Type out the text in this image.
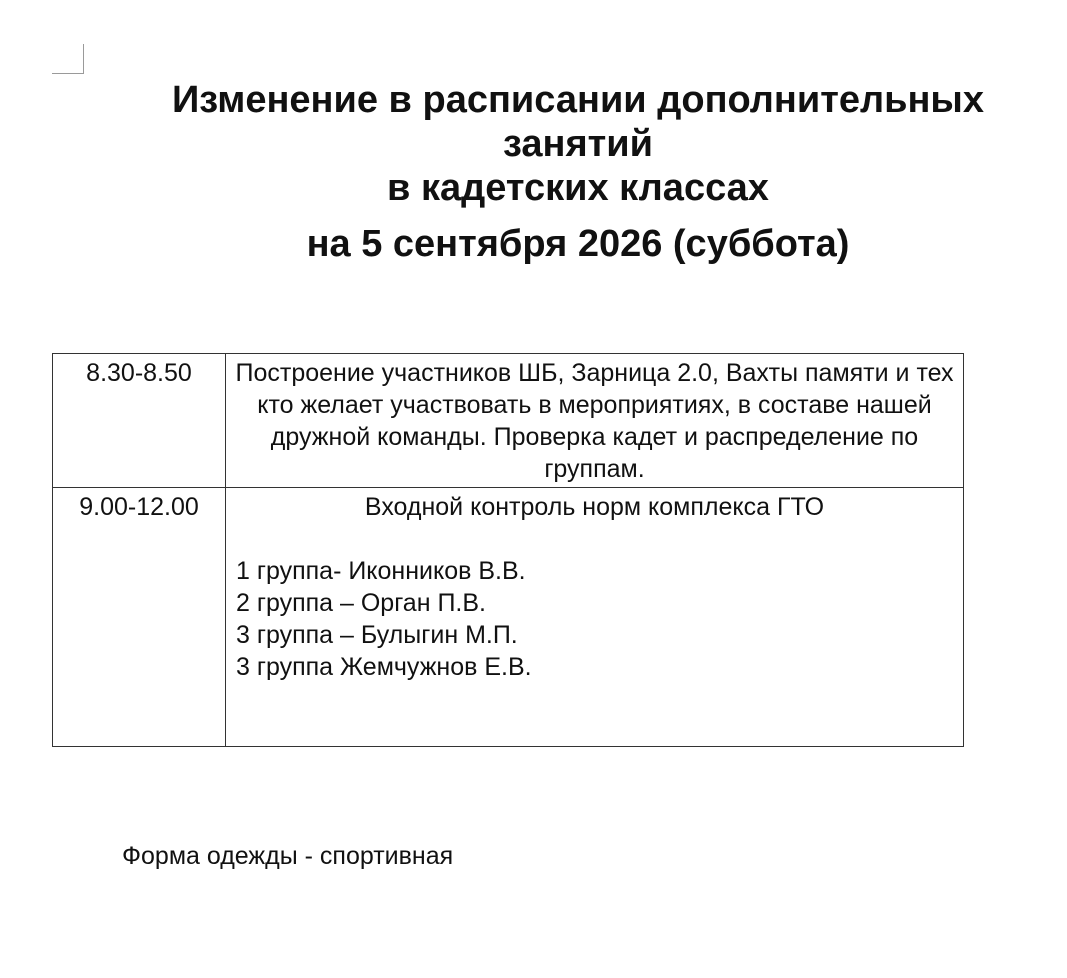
Изменение в расписании дополнительных
занятий
в кадетских классах
на 5 сентября 2026 (суббота)
8.30-8.50	Построение участников ШБ, Зарница 2.0, Вахты памяти и тех кто желает участвовать в мероприятиях, в составе нашей дружной команды. Проверка кадет и распределение по группам.
9.00-12.00	Входной контроль норм комплекса ГТО
1 группа- Иконников В.В.
2 группа – Орган П.В.
3 группа – Булыгин М.П.
3 группа Жемчужнов Е.В.
Форма одежды - спортивная
